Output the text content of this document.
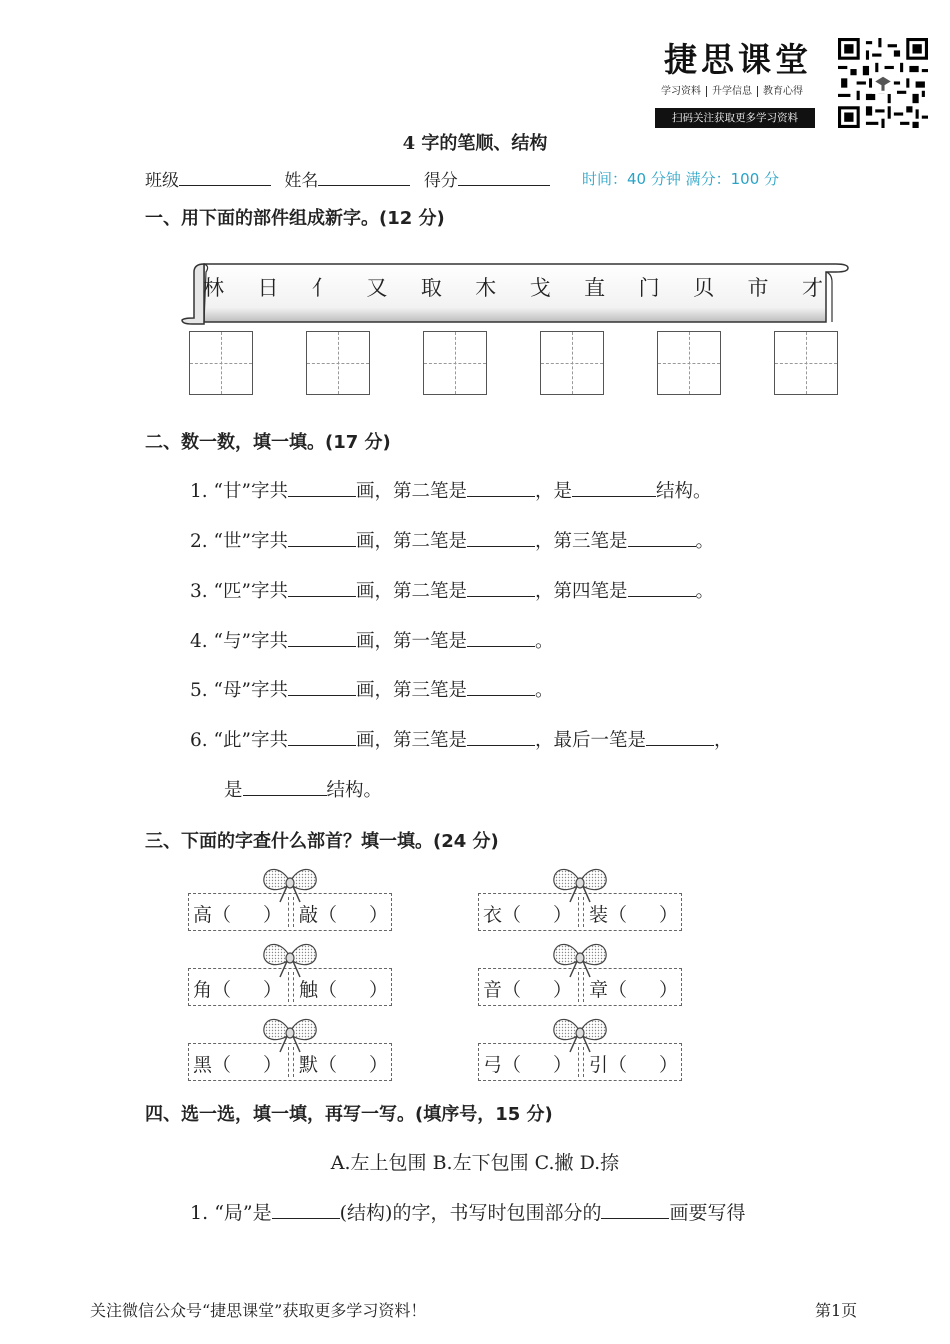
捷思课堂
学习资料 升学信息 教育心得
扫码关注获取更多学习资料
4 字的笔顺、结构
班级	姓名	得分	时间：40 分钟 满分：100 分
一、用下面的部件组成新字。(12 分)
林 日 亻 又 取 木 戈 直 门 贝 市 才
二、数一数，填一填。(17 分)
1. “甘”字共	画，第二笔是	，是	结构。
2. “世”字共	画，第二笔是	，第三笔是	。
3. “匹”字共	画，第二笔是	，第四笔是	。
4. “与”字共	画，第一笔是	。
5. “母”字共	画，第三笔是	。
6. “此”字共	画，第三笔是	，最后一笔是	，
是	结构。
三、下面的字查什么部首？填一填。(24 分)
高（ ） 敲（ ）	衣（ ） 装（ ）
角（ ） 触（ ）	音（ ） 章（ ）
黑（ ） 默（ ）	弓（ ） 引（ ）
四、选一选，填一填，再写一写。(填序号，15 分)
A.左上包围 B.左下包围 C.撇 D.捺
1. “局”是	(结构)的字，书写时包围部分的	画要写得
关注微信公众号“捷思课堂”获取更多学习资料！	第1页
